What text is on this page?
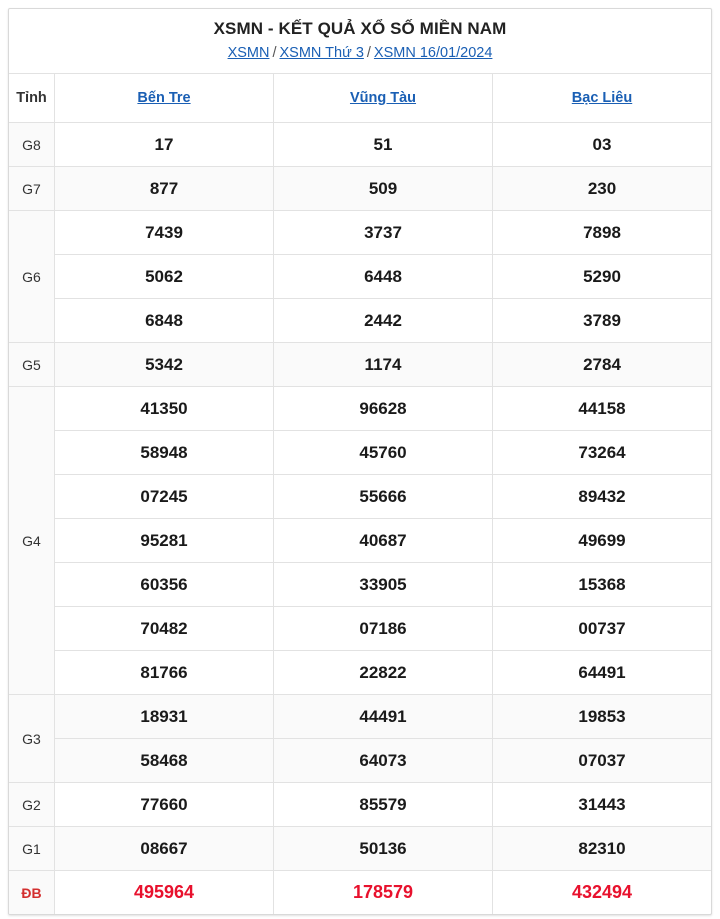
XSMN - KẾT QUẢ XỔ SỐ MIỀN NAM
XSMN / XSMN Thứ 3 / XSMN 16/01/2024
Tỉnh	Bến Tre	Vũng Tàu	Bạc Liêu
G8	17	51	03
G7	877	509	230
G6	7439	3737	7898
	5062	6448	5290
	6848	2442	3789
G5	5342	1174	2784
G4	41350	96628	44158
	58948	45760	73264
	07245	55666	89432
	95281	40687	49699
	60356	33905	15368
	70482	07186	00737
	81766	22822	64491
G3	18931	44491	19853
	58468	64073	07037
G2	77660	85579	31443
G1	08667	50136	82310
ĐB	495964	178579	432494
